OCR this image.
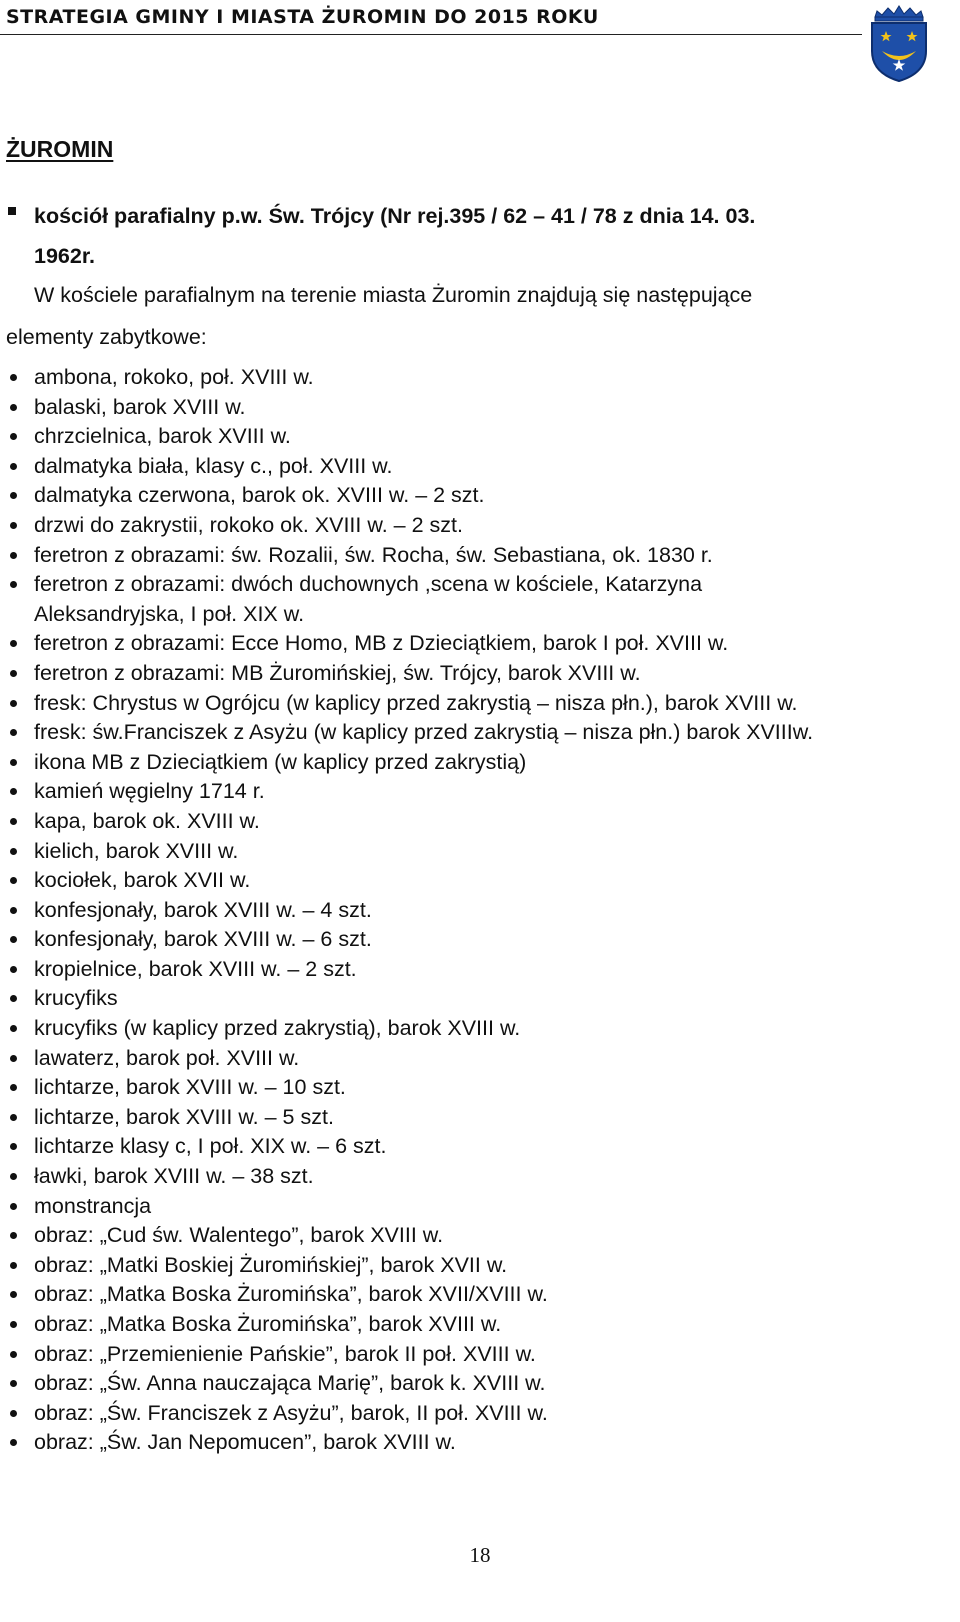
STRATEGIA GMINY I MIASTA ŻUROMIN DO 2015 ROKU
ŻUROMIN
kościół parafialny p.w. Św. Trójcy (Nr rej.395 / 62 – 41 / 78 z dnia 14. 03.
1962r.
W kościele parafialnym na terenie miasta Żuromin znajdują się następujące
elementy zabytkowe:
ambona, rokoko, poł. XVIII w.
balaski, barok XVIII w.
chrzcielnica, barok XVIII w.
dalmatyka biała, klasy c., poł. XVIII w.
dalmatyka czerwona, barok ok. XVIII w. – 2 szt.
drzwi do zakrystii, rokoko ok. XVIII w. – 2 szt.
feretron z obrazami: św. Rozalii, św. Rocha, św. Sebastiana, ok. 1830 r.
feretron z obrazami: dwóch duchownych ,scena w kościele, Katarzyna
Aleksandryjska, I poł. XIX w.
feretron z obrazami: Ecce Homo, MB z Dzieciątkiem, barok I poł. XVIII w.
feretron z obrazami: MB Żuromińskiej, św. Trójcy, barok XVIII w.
fresk: Chrystus w Ogrójcu (w kaplicy przed zakrystią – nisza płn.), barok XVIII w.
fresk: św.Franciszek z Asyżu (w kaplicy przed zakrystią – nisza płn.) barok XVIIIw.
ikona MB z Dzieciątkiem (w kaplicy przed zakrystią)
kamień węgielny 1714 r.
kapa, barok ok. XVIII w.
kielich, barok XVIII w.
kociołek, barok XVII w.
konfesjonały, barok XVIII w. – 4 szt.
konfesjonały, barok XVIII w. – 6 szt.
kropielnice, barok XVIII w. – 2 szt.
krucyfiks
krucyfiks (w kaplicy przed zakrystią), barok XVIII w.
lawaterz, barok poł. XVIII w.
lichtarze, barok XVIII w. – 10 szt.
lichtarze, barok XVIII w. – 5 szt.
lichtarze klasy c, I poł. XIX w. – 6 szt.
ławki, barok XVIII w. – 38 szt.
monstrancja
obraz: „Cud św. Walentego”, barok XVIII w.
obraz: „Matki Boskiej Żuromińskiej”, barok XVII w.
obraz: „Matka Boska Żuromińska”, barok XVII/XVIII w.
obraz: „Matka Boska Żuromińska”, barok XVIII w.
obraz: „Przemienienie Pańskie”, barok II poł. XVIII w.
obraz: „Św. Anna nauczająca Marię”, barok k. XVIII w.
obraz: „Św. Franciszek z Asyżu”, barok, II poł. XVIII w.
obraz: „Św. Jan Nepomucen”, barok XVIII w.
18
